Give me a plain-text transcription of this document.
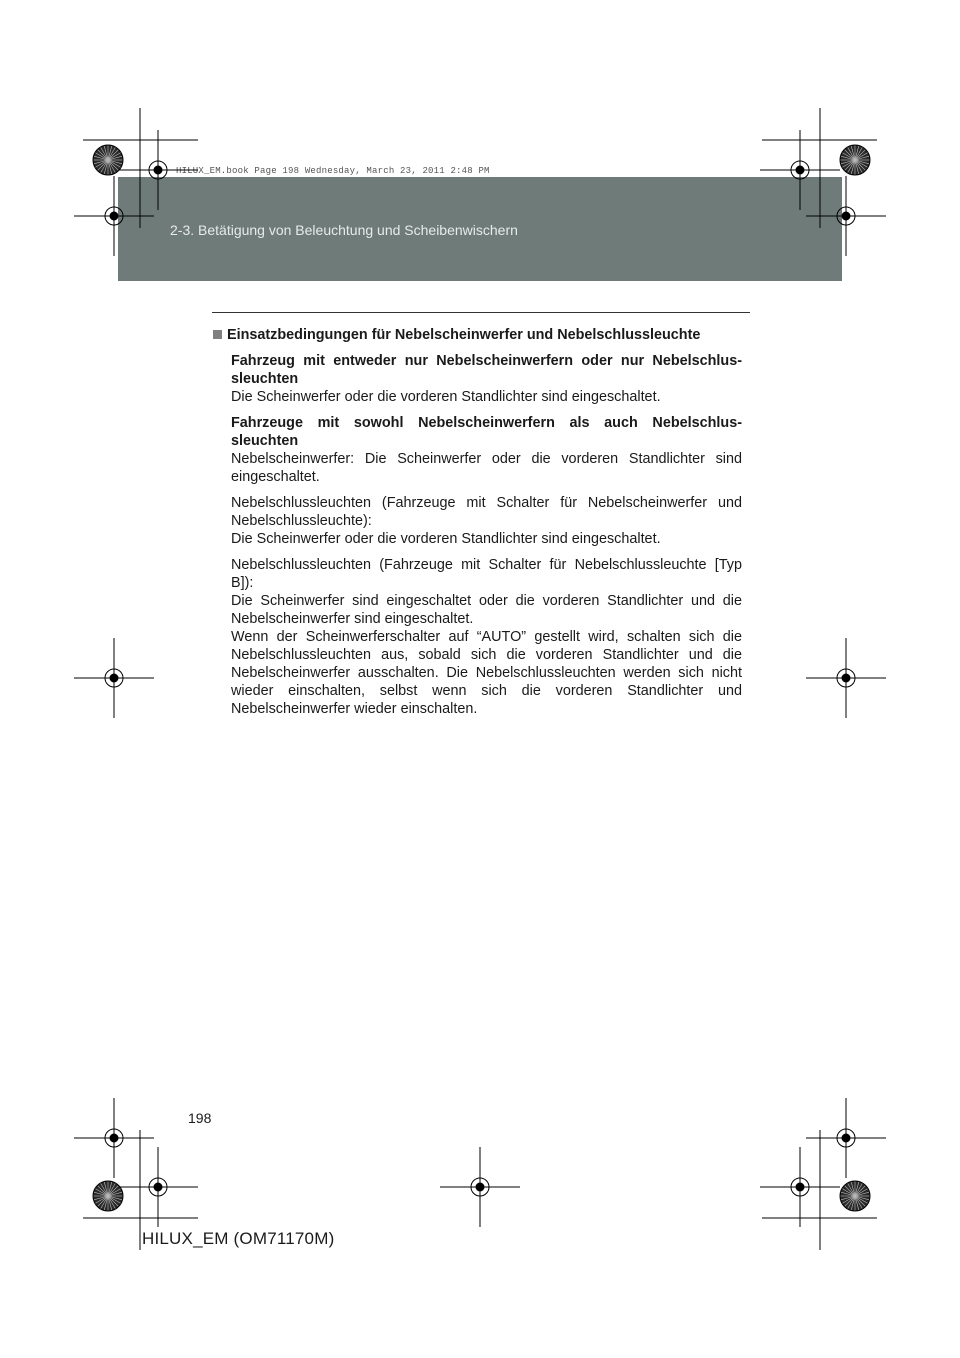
HILUX_EM.book Page 198 Wednesday, March 23, 2011 2:48 PM
2-3. Betätigung von Beleuchtung und Scheibenwischern
Einsatzbedingungen für Nebelscheinwerfer und Nebelschlussleuchte
Fahrzeug mit entweder nur Nebelscheinwerfern oder nur Nebelschlus-sleuchten
Die Scheinwerfer oder die vorderen Standlichter sind eingeschaltet.
Fahrzeuge mit sowohl Nebelscheinwerfern als auch Nebelschlus-sleuchten
Nebelscheinwerfer: Die Scheinwerfer oder die vorderen Standlichter sind eingeschaltet.
Nebelschlussleuchten (Fahrzeuge mit Schalter für Nebelscheinwerfer und Nebelschlussleuchte):
Die Scheinwerfer oder die vorderen Standlichter sind eingeschaltet.
Nebelschlussleuchten (Fahrzeuge mit Schalter für Nebelschlussleuchte [Typ B]):
Die Scheinwerfer sind eingeschaltet oder die vorderen Standlichter und die Nebelscheinwerfer sind eingeschaltet.
Wenn der Scheinwerferschalter auf “AUTO” gestellt wird, schalten sich die Nebelschlussleuchten aus, sobald sich die vorderen Standlichter und die Nebelscheinwerfer ausschalten. Die Nebelschlussleuchten werden sich nicht wieder einschalten, selbst wenn sich die vorderen Standlichter und Nebelscheinwerfer wieder einschalten.
198
HILUX_EM (OM71170M)
